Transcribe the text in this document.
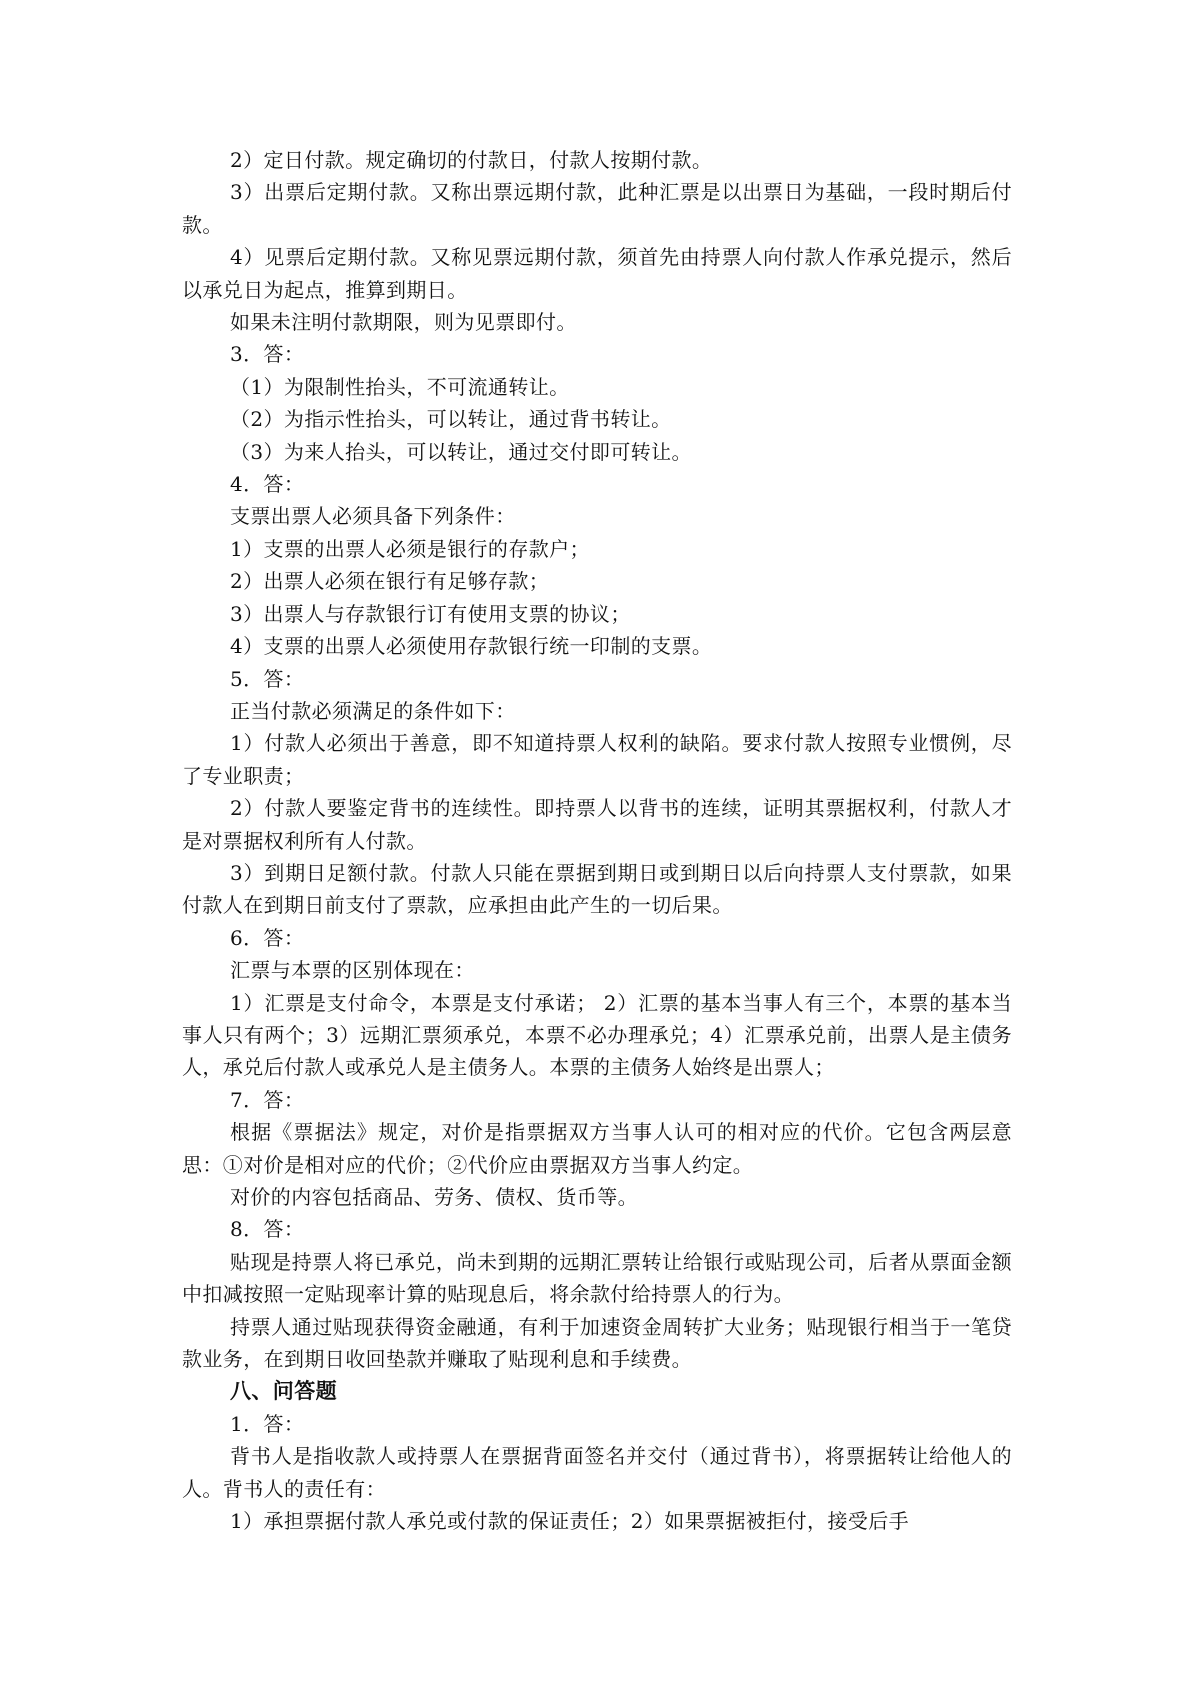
2）定日付款。规定确切的付款日，付款人按期付款。

3）出票后定期付款。又称出票远期付款，此种汇票是以出票日为基础，一段时期后付款。

4）见票后定期付款。又称见票远期付款，须首先由持票人向付款人作承兑提示，然后以承兑日为起点，推算到期日。

如果未注明付款期限，则为见票即付。

3．答：

（1）为限制性抬头，不可流通转让。

（2）为指示性抬头，可以转让，通过背书转让。

（3）为来人抬头，可以转让，通过交付即可转让。

4．答：

支票出票人必须具备下列条件：

1）支票的出票人必须是银行的存款户；

2）出票人必须在银行有足够存款；

3）出票人与存款银行订有使用支票的协议；

4）支票的出票人必须使用存款银行统一印制的支票。

5．答：

正当付款必须满足的条件如下：

1）付款人必须出于善意，即不知道持票人权利的缺陷。要求付款人按照专业惯例，尽了专业职责；

2）付款人要鉴定背书的连续性。即持票人以背书的连续，证明其票据权利，付款人才是对票据权利所有人付款。

3）到期日足额付款。付款人只能在票据到期日或到期日以后向持票人支付票款，如果付款人在到期日前支付了票款，应承担由此产生的一切后果。

6．答：

汇票与本票的区别体现在：

1）汇票是支付命令，本票是支付承诺； 2）汇票的基本当事人有三个，本票的基本当事人只有两个；3）远期汇票须承兑，本票不必办理承兑；4）汇票承兑前，出票人是主债务人，承兑后付款人或承兑人是主债务人。本票的主债务人始终是出票人；

7．答：

根据《票据法》规定，对价是指票据双方当事人认可的相对应的代价。它包含两层意思：①对价是相对应的代价；②代价应由票据双方当事人约定。

对价的内容包括商品、劳务、债权、货币等。

8．答：

贴现是持票人将已承兑，尚未到期的远期汇票转让给银行或贴现公司，后者从票面金额中扣减按照一定贴现率计算的贴现息后，将余款付给持票人的行为。

持票人通过贴现获得资金融通，有利于加速资金周转扩大业务；贴现银行相当于一笔贷款业务，在到期日收回垫款并赚取了贴现利息和手续费。

八、问答题

1．答：

背书人是指收款人或持票人在票据背面签名并交付（通过背书），将票据转让给他人的人。背书人的责任有：

1）承担票据付款人承兑或付款的保证责任；2）如果票据被拒付，接受后手
